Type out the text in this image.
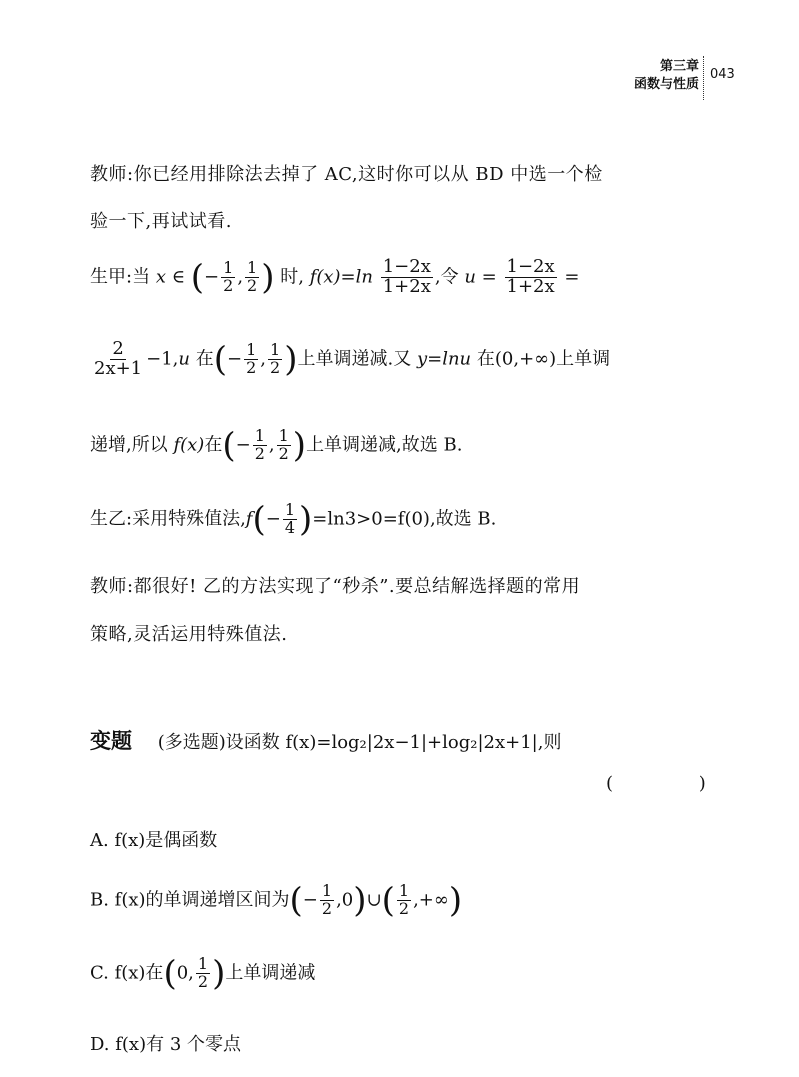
第三章
函数与性质
043
教师:你已经用排除法去掉了 AC,这时你可以从 BD 中选一个检
验一下,再试试看.
生甲:当 x ∈ (− $\frac{1}{2}$ , $\frac{1}{2}$ ) 时, $f(x)=\ln \frac{1-2x}{1+2x}$ ,令 $u = \frac{1-2x}{1+2x}$ =
$\frac{2}{2x+1} -1,u$ 在(− $\frac{1}{2}$ , $\frac{1}{2}$ )上单调递减.又 y=lnu 在(0,+∞)上单调
递增,所以 f(x)在(− $\frac{1}{2}$ , $\frac{1}{2}$ )上单调递减,故选 B.
生乙:采用特殊值法$,f(- \frac{1}{4} )=\ln 3>0=f(0)$,故选 B.
教师:都很好! 乙的方法实现了“秒杀”.要总结解选择题的常用
策略,灵活运用特殊值法.
变题 (多选题)设函数 f(x)=log₂|2x−1|+log₂|2x+1|,则
( )
A. f(x)是偶函数
B. f(x)的单调递增区间为(− $\frac{1}{2}$ ,0)∪( $\frac{1}{2}$ ,+∞)
C. f(x)在(0, $\frac{1}{2}$ )上单调递减
D. f(x)有 3 个零点
